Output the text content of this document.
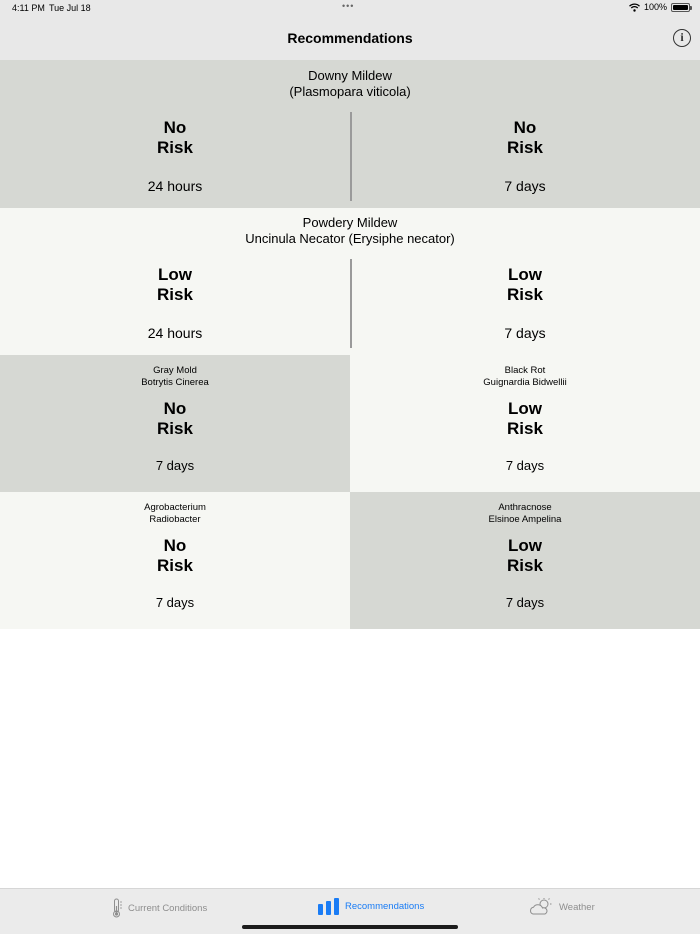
4:11 PM Tue Jul 18	•••	100%
Recommendations	i
Downy Mildew
(Plasmopara viticola)
No
Risk
24 hours
No
Risk
7 days
Powdery Mildew
Uncinula Necator (Erysiphe necator)
Low
Risk
24 hours
Low
Risk
7 days
Gray Mold
Botrytis Cinerea
No
Risk
7 days
Black Rot
Guignardia Bidwellii
Low
Risk
7 days
Agrobacterium
Radiobacter
No
Risk
7 days
Anthracnose
Elsinoe Ampelina
Low
Risk
7 days
Current Conditions	Recommendations	Weather
